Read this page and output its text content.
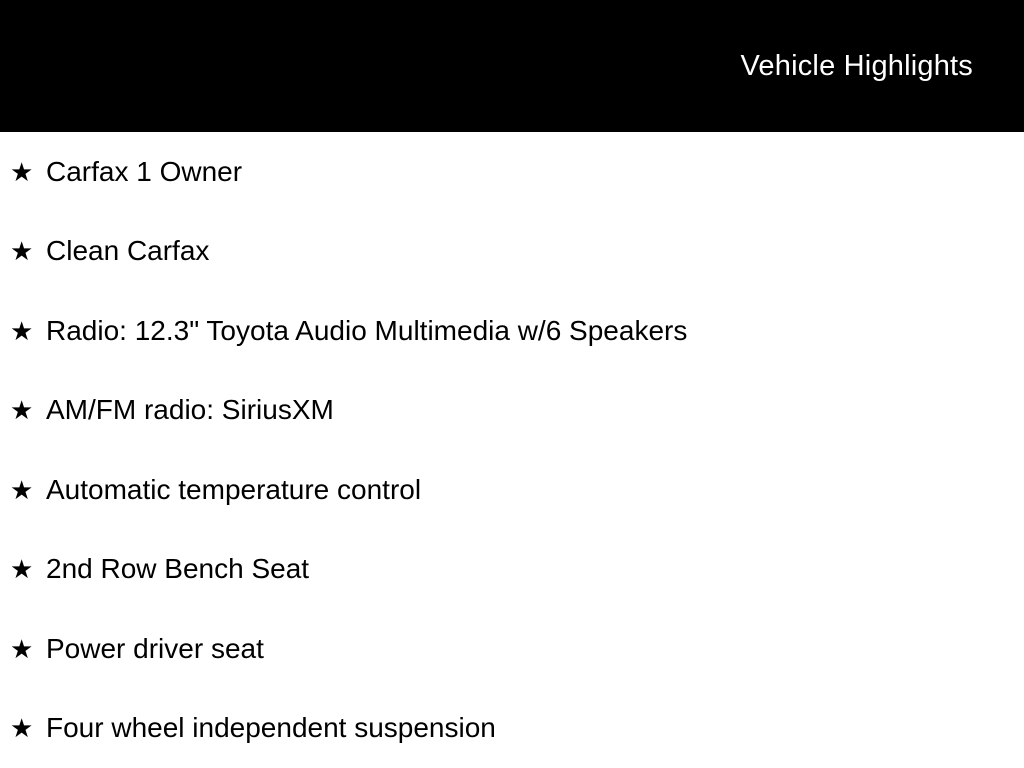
Vehicle Highlights
★ Carfax 1 Owner
★ Clean Carfax
★ Radio: 12.3" Toyota Audio Multimedia w/6 Speakers
★ AM/FM radio: SiriusXM
★ Automatic temperature control
★ 2nd Row Bench Seat
★ Power driver seat
★ Four wheel independent suspension
